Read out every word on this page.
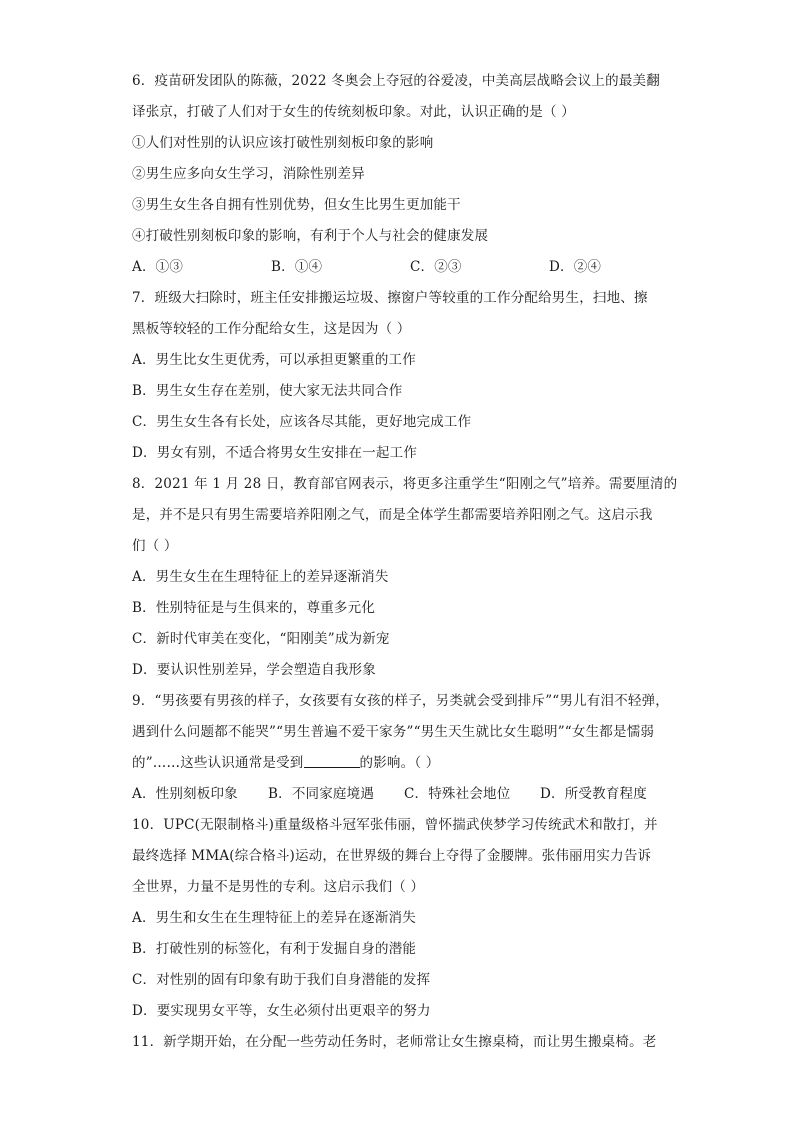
6．疫苗研发团队的陈薇，2022 冬奥会上夺冠的谷爱凌，中美高层战略会议上的最美翻
译张京，打破了人们对于女生的传统刻板印象。对此，认识正确的是（ ）
①人们对性别的认识应该打破性别刻板印象的影响
②男生应多向女生学习，消除性别差异
③男生女生各自拥有性别优势，但女生比男生更加能干
④打破性别刻板印象的影响，有利于个人与社会的健康发展
A．①③	B．①④	C．②③	D．②④
7．班级大扫除时，班主任安排搬运垃圾、擦窗户等较重的工作分配给男生，扫地、擦
黑板等较轻的工作分配给女生，这是因为（ ）
A．男生比女生更优秀，可以承担更繁重的工作
B．男生女生存在差别，使大家无法共同合作
C．男生女生各有长处，应该各尽其能，更好地完成工作
D．男女有别，不适合将男女生安排在一起工作
8．2021 年 1 月 28 日，教育部官网表示，将更多注重学生“阳刚之气”培养。需要厘清的
是，并不是只有男生需要培养阳刚之气，而是全体学生都需要培养阳刚之气。这启示我
们（ ）
A．男生女生在生理特征上的差异逐渐消失
B．性别特征是与生俱来的，尊重多元化
C．新时代审美在变化，“阳刚美”成为新宠
D．要认识性别差异，学会塑造自我形象
9．“男孩要有男孩的样子，女孩要有女孩的样子，另类就会受到排斥”“男儿有泪不轻弹，
遇到什么问题都不能哭”“男生普遍不爱干家务”“男生天生就比女生聪明”“女生都是懦弱
的”……这些认识通常是受到	的影响。（ ）
A．性别刻板印象	B．不同家庭境遇	C．特殊社会地位	D．所受教育程度
10．UPC(无限制格斗)重量级格斗冠军张伟丽，曾怀揣武侠梦学习传统武术和散打，并
最终选择 MMA(综合格斗)运动，在世界级的舞台上夺得了金腰牌。张伟丽用实力告诉
全世界，力量不是男性的专利。这启示我们（ ）
A．男生和女生在生理特征上的差异在逐渐消失
B．打破性别的标签化，有利于发掘自身的潜能
C．对性别的固有印象有助于我们自身潜能的发挥
D．要实现男女平等，女生必须付出更艰辛的努力
11．新学期开始，在分配一些劳动任务时，老师常让女生擦桌椅，而让男生搬桌椅。老
